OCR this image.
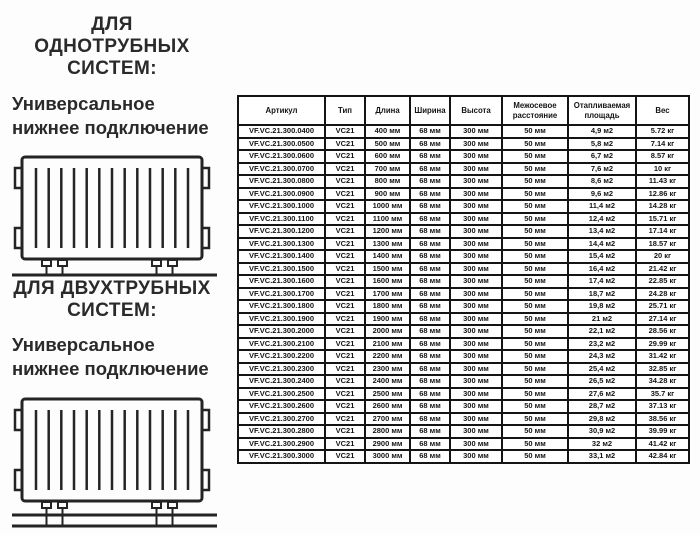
ДЛЯ ОДНОТРУБНЫХ
СИСТЕМ:
Универсальное
нижнее подключение
ДЛЯ ДВУХТРУБНЫХ
СИСТЕМ:
Универсальное
нижнее подключение
Артикул	Тип	Длина	Ширина	Высота	Межосевое расстояние	Отапливаемая площадь	Вес
VF.VC.21.300.0400	VC21	400 мм	68 мм	300 мм	50 мм	4,9 м2	5.72 кг
VF.VC.21.300.0500	VC21	500 мм	68 мм	300 мм	50 мм	5,8 м2	7.14 кг
VF.VC.21.300.0600	VC21	600 мм	68 мм	300 мм	50 мм	6,7 м2	8.57 кг
VF.VC.21.300.0700	VC21	700 мм	68 мм	300 мм	50 мм	7,6 м2	10 кг
VF.VC.21.300.0800	VC21	800 мм	68 мм	300 мм	50 мм	8,6 м2	11.43 кг
VF.VC.21.300.0900	VC21	900 мм	68 мм	300 мм	50 мм	9,6 м2	12.86 кг
VF.VC.21.300.1000	VC21	1000 мм	68 мм	300 мм	50 мм	11,4 м2	14.28 кг
VF.VC.21.300.1100	VC21	1100 мм	68 мм	300 мм	50 мм	12,4 м2	15.71 кг
VF.VC.21.300.1200	VC21	1200 мм	68 мм	300 мм	50 мм	13,4 м2	17.14 кг
VF.VC.21.300.1300	VC21	1300 мм	68 мм	300 мм	50 мм	14,4 м2	18.57 кг
VF.VC.21.300.1400	VC21	1400 мм	68 мм	300 мм	50 мм	15,4 м2	20 кг
VF.VC.21.300.1500	VC21	1500 мм	68 мм	300 мм	50 мм	16,4 м2	21.42 кг
VF.VC.21.300.1600	VC21	1600 мм	68 мм	300 мм	50 мм	17,4 м2	22.85 кг
VF.VC.21.300.1700	VC21	1700 мм	68 мм	300 мм	50 мм	18,7 м2	24.28 кг
VF.VC.21.300.1800	VC21	1800 мм	68 мм	300 мм	50 мм	19,8 м2	25.71 кг
VF.VC.21.300.1900	VC21	1900 мм	68 мм	300 мм	50 мм	21 м2	27.14 кг
VF.VC.21.300.2000	VC21	2000 мм	68 мм	300 мм	50 мм	22,1 м2	28.56 кг
VF.VC.21.300.2100	VC21	2100 мм	68 мм	300 мм	50 мм	23,2 м2	29.99 кг
VF.VC.21.300.2200	VC21	2200 мм	68 мм	300 мм	50 мм	24,3 м2	31.42 кг
VF.VC.21.300.2300	VC21	2300 мм	68 мм	300 мм	50 мм	25,4 м2	32.85 кг
VF.VC.21.300.2400	VC21	2400 мм	68 мм	300 мм	50 мм	26,5 м2	34.28 кг
VF.VC.21.300.2500	VC21	2500 мм	68 мм	300 мм	50 мм	27,6 м2	35.7 кг
VF.VC.21.300.2600	VC21	2600 мм	68 мм	300 мм	50 мм	28,7 м2	37.13 кг
VF.VC.21.300.2700	VC21	2700 мм	68 мм	300 мм	50 мм	29,8 м2	38.56 кг
VF.VC.21.300.2800	VC21	2800 мм	68 мм	300 мм	50 мм	30,9 м2	39.99 кг
VF.VC.21.300.2900	VC21	2900 мм	68 мм	300 мм	50 мм	32 м2	41.42 кг
VF.VC.21.300.3000	VC21	3000 мм	68 мм	300 мм	50 мм	33,1 м2	42.84 кг
